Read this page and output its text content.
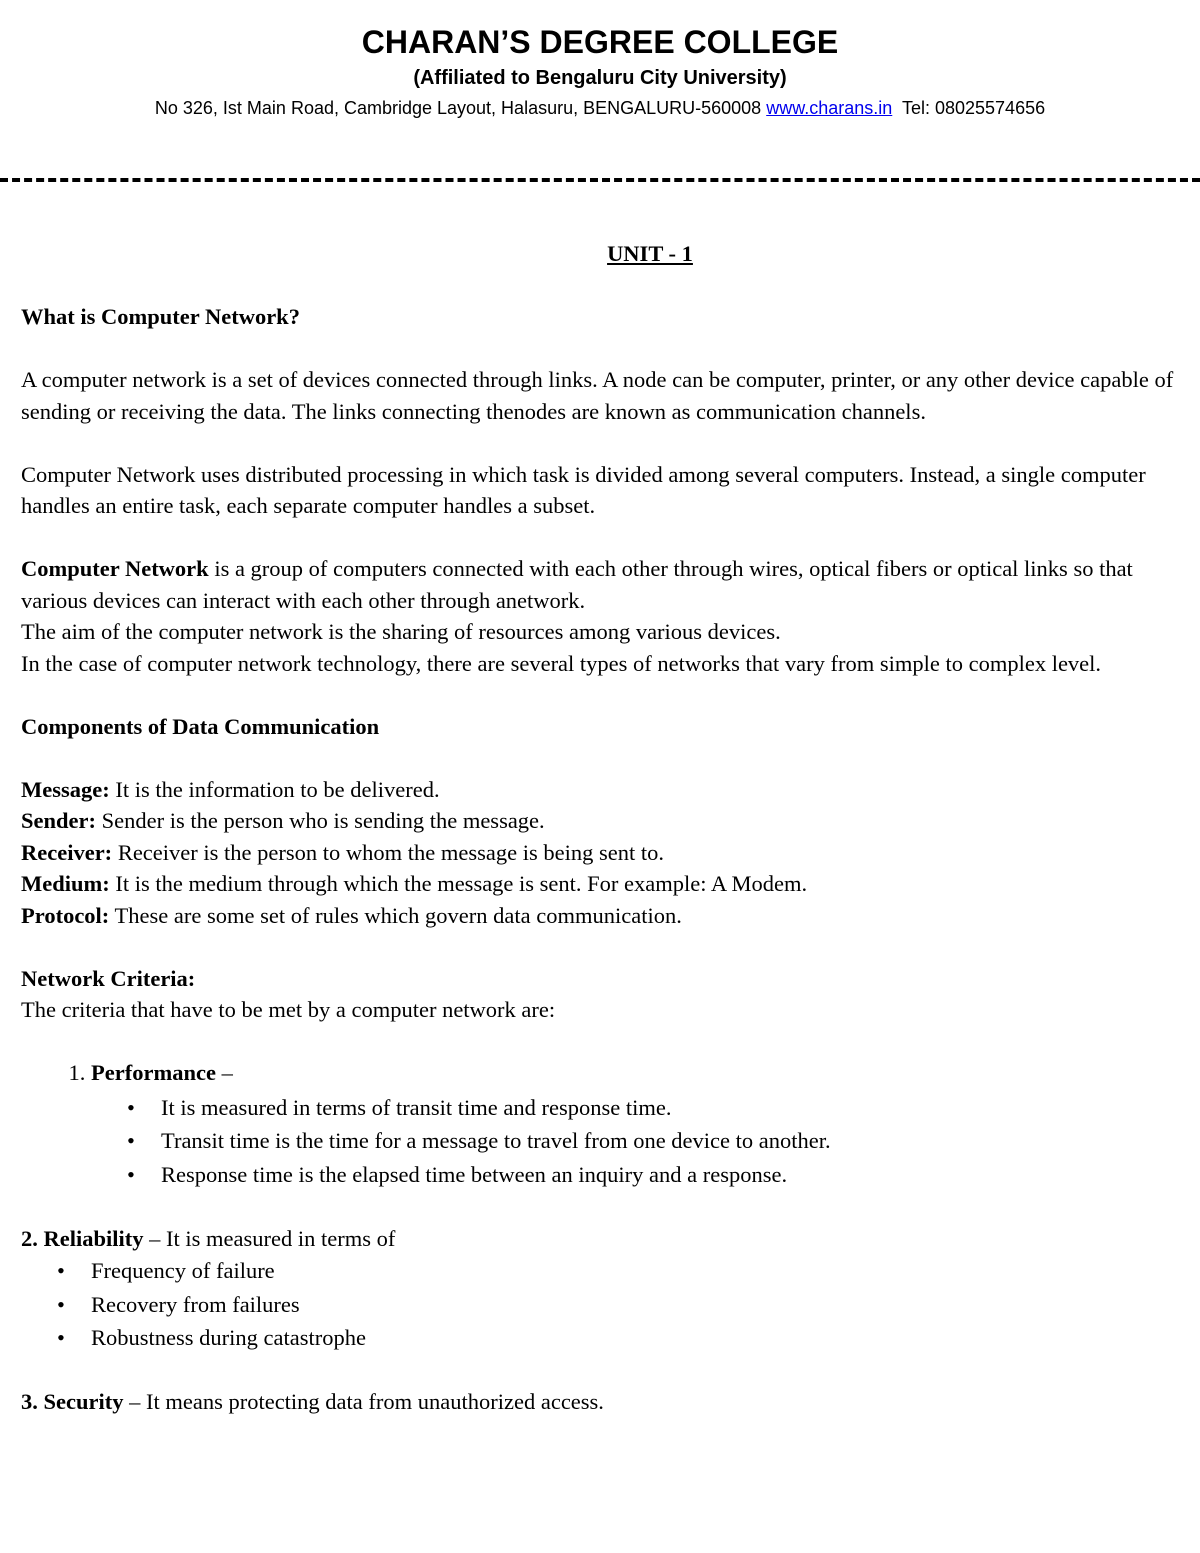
CHARAN’S DEGREE COLLEGE
(Affiliated to Bengaluru City University)
No 326, Ist Main Road, Cambridge Layout, Halasuru, BENGALURU-560008 www.charans.in Tel: 08025574656

UNIT - 1

What is Computer Network?

A computer network is a set of devices connected through links. A node can be computer, printer, or any other device capable of sending or receiving the data. The links connecting thenodes are known as communication channels.

Computer Network uses distributed processing in which task is divided among several computers. Instead, a single computer handles an entire task, each separate computer handles a subset.

Computer Network is a group of computers connected with each other through wires, optical fibers or optical links so that various devices can interact with each other through anetwork.

The aim of the computer network is the sharing of resources among various devices.

In the case of computer network technology, there are several types of networks that vary from simple to complex level.

Components of Data Communication

Message: It is the information to be delivered.

Sender: Sender is the person who is sending the message.

Receiver: Receiver is the person to whom the message is being sent to.

Medium: It is the medium through which the message is sent. For example: A Modem.

Protocol: These are some set of rules which govern data communication.

Network Criteria:

The criteria that have to be met by a computer network are:

1. Performance –
• It is measured in terms of transit time and response time.
• Transit time is the time for a message to travel from one device to another.
• Response time is the elapsed time between an inquiry and a response.

2. Reliability – It is measured in terms of

• Frequency of failure
• Recovery from failures
• Robustness during catastrophe

3. Security – It means protecting data from unauthorized access.
